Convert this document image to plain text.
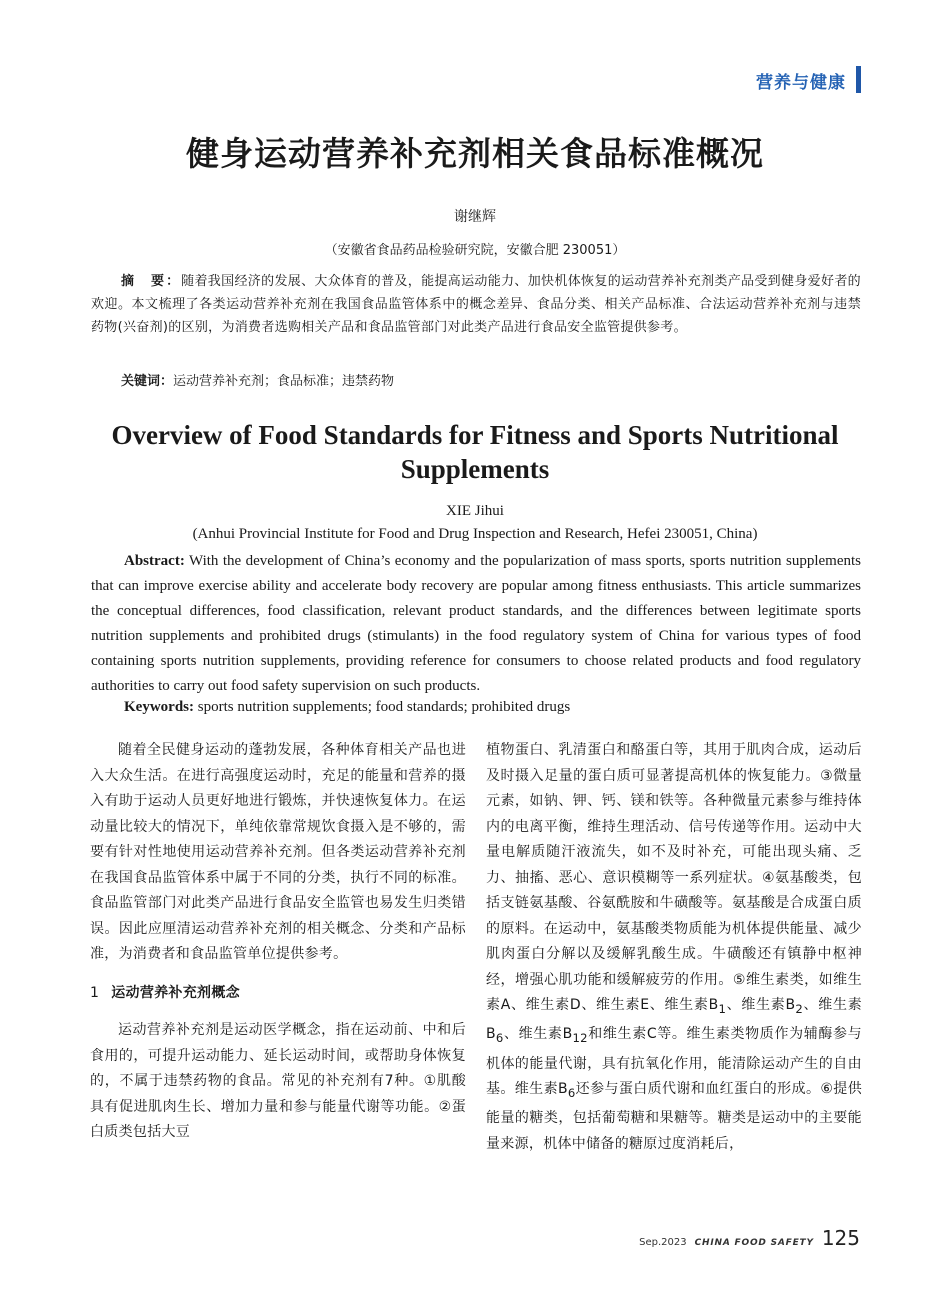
营养与健康
健身运动营养补充剂相关食品标准概况
谢继辉
（安徽省食品药品检验研究院，安徽合肥 230051）
摘　要：随着我国经济的发展、大众体育的普及，能提高运动能力、加快机体恢复的运动营养补充剂类产品受到健身爱好者的欢迎。本文梳理了各类运动营养补充剂在我国食品监管体系中的概念差异、食品分类、相关产品标准、合法运动营养补充剂与违禁药物(兴奋剂)的区别，为消费者选购相关产品和食品监管部门对此类产品进行食品安全监管提供参考。
关键词：运动营养补充剂；食品标准；违禁药物
Overview of Food Standards for Fitness and Sports Nutritional Supplements
XIE Jihui
(Anhui Provincial Institute for Food and Drug Inspection and Research, Hefei 230051, China)
Abstract: With the development of China’s economy and the popularization of mass sports, sports nutrition supplements that can improve exercise ability and accelerate body recovery are popular among fitness enthusiasts. This article summarizes the conceptual differences, food classification, relevant product standards, and the differences between legitimate sports nutrition supplements and prohibited drugs (stimulants) in the food regulatory system of China for various types of food containing sports nutrition supplements, providing reference for consumers to choose related products and food regulatory authorities to carry out food safety supervision on such products.
Keywords: sports nutrition supplements; food standards; prohibited drugs

随着全民健身运动的蓬勃发展，各种体育相关产品也进入大众生活。在进行高强度运动时，充足的能量和营养的摄入有助于运动人员更好地进行锻炼，并快速恢复体力。在运动量比较大的情况下，单纯依靠常规饮食摄入是不够的，需要有针对性地使用运动营养补充剂。但各类运动营养补充剂在我国食品监管体系中属于不同的分类，执行不同的标准。食品监管部门对此类产品进行食品安全监管也易发生归类错误。因此应厘清运动营养补充剂的相关概念、分类和产品标准，为消费者和食品监管单位提供参考。

1 运动营养补充剂概念

运动营养补充剂是运动医学概念，指在运动前、中和后食用的，可提升运动能力、延长运动时间，或帮助身体恢复的，不属于违禁药物的食品。常见的补充剂有7种。①肌酸具有促进肌肉生长、增加力量和参与能量代谢等功能。②蛋白质类包括大豆

植物蛋白、乳清蛋白和酪蛋白等，其用于肌肉合成，运动后及时摄入足量的蛋白质可显著提高机体的恢复能力。③微量元素，如钠、钾、钙、镁和铁等。各种微量元素参与维持体内的电离平衡，维持生理活动、信号传递等作用。运动中大量电解质随汗液流失，如不及时补充，可能出现头痛、乏力、抽搐、恶心、意识模糊等一系列症状。④氨基酸类，包括支链氨基酸、谷氨酰胺和牛磺酸等。氨基酸是合成蛋白质的原料。在运动中，氨基酸类物质能为机体提供能量、减少肌肉蛋白分解以及缓解乳酸生成。牛磺酸还有镇静中枢神经，增强心肌功能和缓解疲劳的作用。⑤维生素类，如维生素A、维生素D、维生素E、维生素$B_1$、维生素$B_2$、维生素$B_6$、维生素$B_{12}$和维生素C等。维生素类物质作为辅酶参与机体的能量代谢，具有抗氧化作用，能清除运动产生的自由基。维生素$B_6$还参与蛋白质代谢和血红蛋白的形成。⑥提供能量的糖类，包括葡萄糖和果糖等。糖类是运动中的主要能量来源，机体中储备的糖原过度消耗后，

Sep.2023 CHINA FOOD SAFETY 125
